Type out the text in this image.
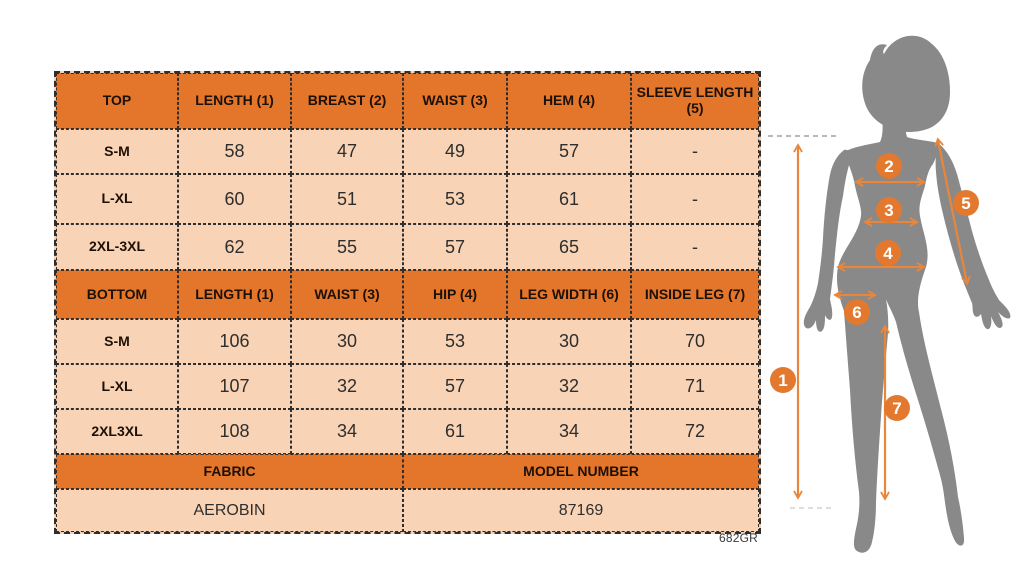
TOP	LENGTH (1)	BREAST (2)	WAIST (3)	HEM (4)	SLEEVE LENGTH (5)
S-M	58	47	49	57	-
L-XL	60	51	53	61	-
2XL-3XL	62	55	57	65	-
BOTTOM	LENGTH (1)	WAIST (3)	HIP (4)	LEG WIDTH (6)	INSIDE LEG (7)
S-M	106	30	53	30	70
L-XL	107	32	57	32	71
2XL3XL	108	34	61	34	72
FABRIC	MODEL NUMBER
AEROBIN	87169
682GR
1
2
3
4
5
6
7
